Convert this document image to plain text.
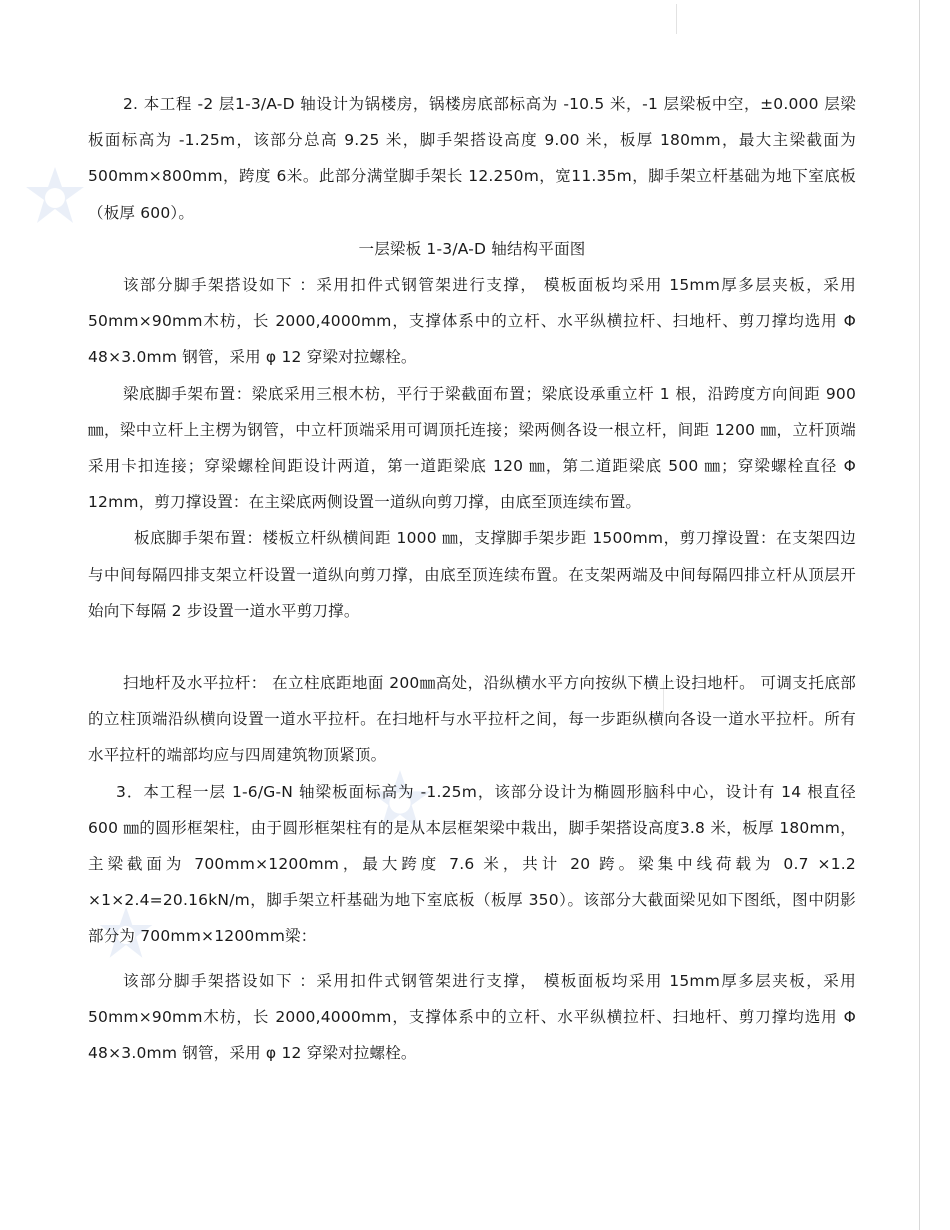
2. 本工程 -2 层1-3/A-D 轴设计为锅楼房，锅楼房底部标高为 -10.5 米，-1 层梁板中空，±0.000 层梁板面标高为 -1.25m，该部分总高 9.25 米，脚手架搭设高度 9.00 米，板厚 180mm，最大主梁截面为 500mm×800mm，跨度 6米。此部分满堂脚手架长 12.250m，宽11.35m，脚手架立杆基础为地下室底板（板厚 600）。

一层梁板 1-3/A-D 轴结构平面图

该部分脚手架搭设如下 ：采用扣件式钢管架进行支撑， 模板面板均采用 15mm厚多层夹板，采用 50mm×90mm木枋，长 2000,4000mm，支撑体系中的立杆、水平纵横拉杆、扫地杆、剪刀撑均选用 Φ 48×3.0mm 钢管，采用 φ 12 穿梁对拉螺栓。

梁底脚手架布置：梁底采用三根木枋，平行于梁截面布置；梁底设承重立杆 1 根，沿跨度方向间距 900 ㎜，梁中立杆上主楞为钢管，中立杆顶端采用可调顶托连接；梁两侧各设一根立杆，间距 1200 ㎜，立杆顶端采用卡扣连接；穿梁螺栓间距设计两道，第一道距梁底 120 ㎜，第二道距梁底 500 ㎜；穿梁螺栓直径 Φ 12mm，剪刀撑设置：在主梁底两侧设置一道纵向剪刀撑，由底至顶连续布置。

板底脚手架布置：楼板立杆纵横间距 1000 ㎜，支撑脚手架步距 1500mm，剪刀撑设置：在支架四边与中间每隔四排支架立杆设置一道纵向剪刀撑，由底至顶连续布置。在支架两端及中间每隔四排立杆从顶层开始向下每隔 2 步设置一道水平剪刀撑。

扫地杆及水平拉杆： 在立柱底距地面 200㎜高处，沿纵横水平方向按纵下横上设扫地杆。 可调支托底部的立柱顶端沿纵横向设置一道水平拉杆。在扫地杆与水平拉杆之间，每一步距纵横向各设一道水平拉杆。所有水平拉杆的端部均应与四周建筑物顶紧顶。

3．本工程一层 1-6/G-N 轴梁板面标高为 -1.25m，该部分设计为椭圆形脑科中心，设计有 14 根直径 600 ㎜的圆形框架柱，由于圆形框架柱有的是从本层框架梁中栽出，脚手架搭设高度3.8 米，板厚 180mm，主梁截面为 700mm×1200mm，最大跨度 7.6 米，共计 20 跨。梁集中线荷载为 0.7 ×1.2 ×1×2.4=20.16kN/m，脚手架立杆基础为地下室底板（板厚 350）。该部分大截面梁见如下图纸，图中阴影部分为 700mm×1200mm梁：

该部分脚手架搭设如下 ：采用扣件式钢管架进行支撑， 模板面板均采用 15mm厚多层夹板，采用 50mm×90mm木枋，长 2000,4000mm，支撑体系中的立杆、水平纵横拉杆、扫地杆、剪刀撑均选用 Φ 48×3.0mm 钢管，采用 φ 12 穿梁对拉螺栓。
